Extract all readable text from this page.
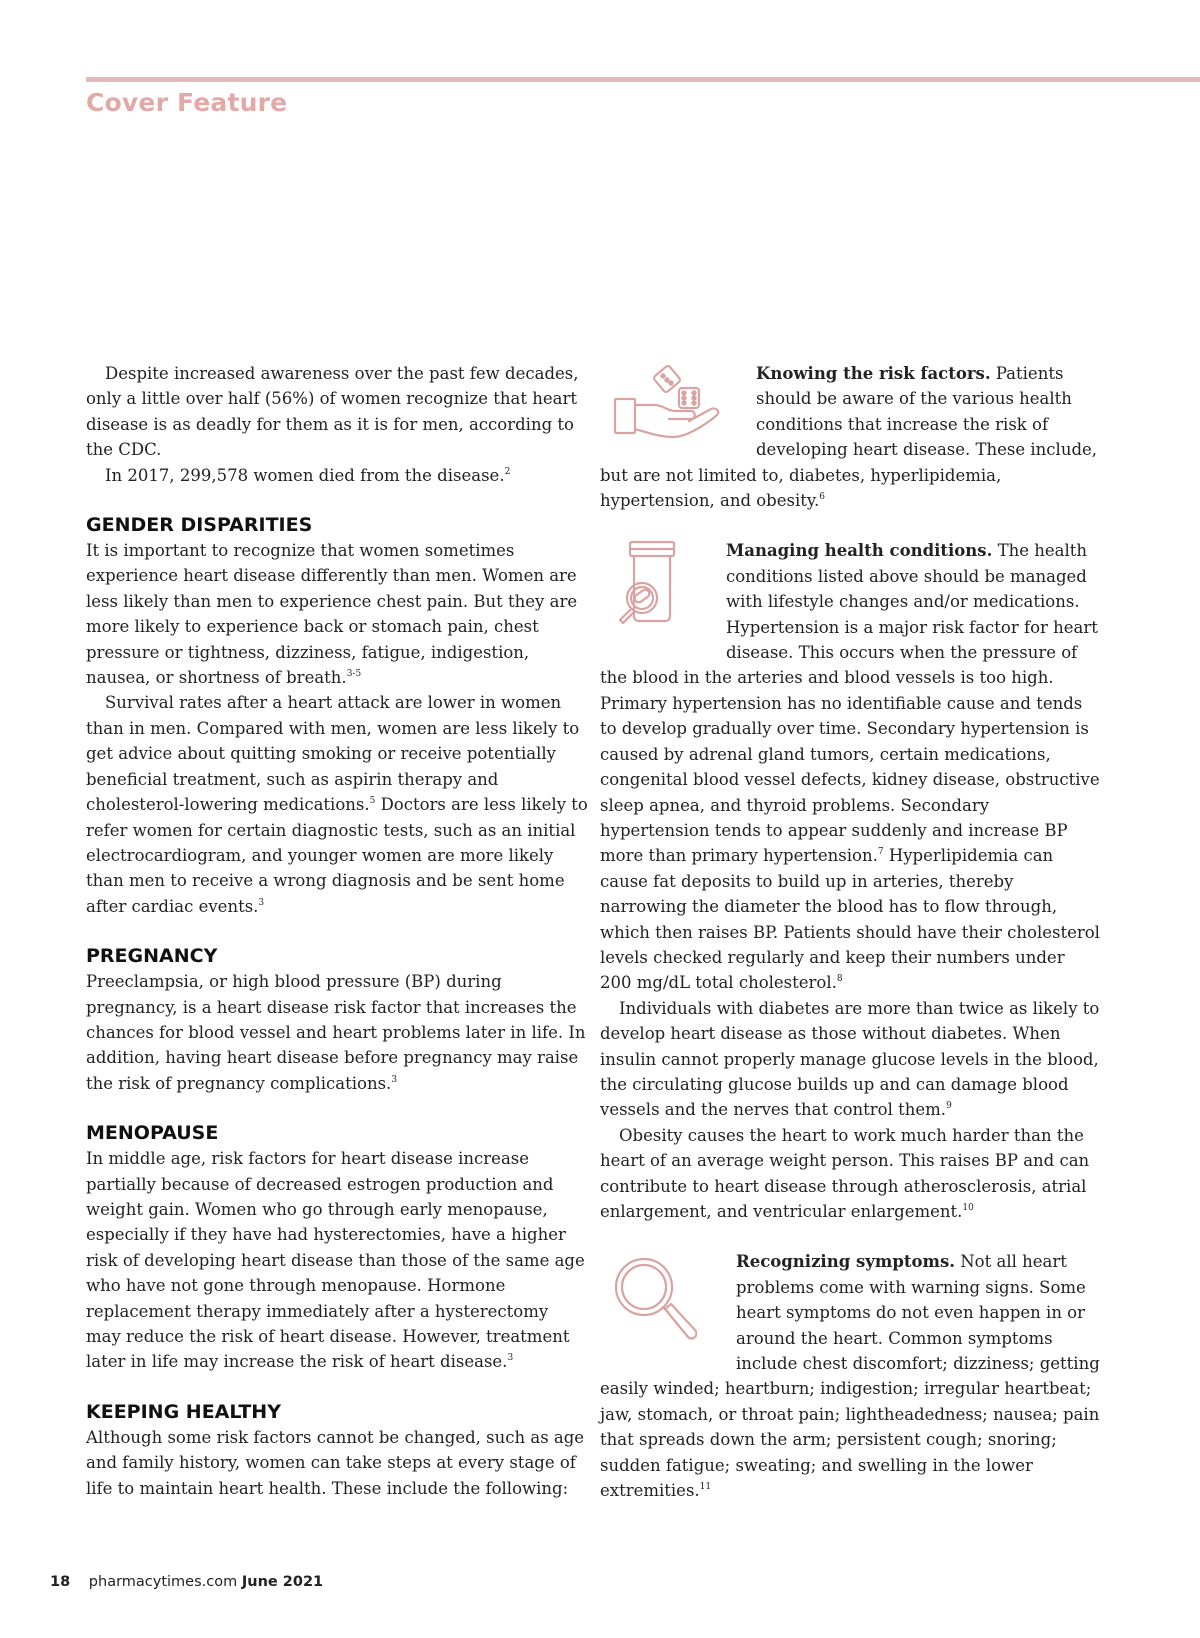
Cover Feature

Despite increased awareness over the past few decades, only a little over half (56%) of women recognize that heart disease is as deadly for them as it is for men, according to the CDC.

In 2017, 299,578 women died from the disease.$^2$

GENDER DISPARITIES

It is important to recognize that women sometimes experience heart disease differently than men. Women are less likely than men to experience chest pain. But they are more likely to experience back or stomach pain, chest pressure or tightness, dizziness, fatigue, indigestion, nausea, or shortness of breath.$^{3-5}$

Survival rates after a heart attack are lower in women than in men. Compared with men, women are less likely to get advice about quitting smoking or receive potentially beneficial treatment, such as aspirin therapy and cholesterol-lowering medications.$^5$ Doctors are less likely to refer women for certain diagnostic tests, such as an initial electrocardiogram, and younger women are more likely than men to receive a wrong diagnosis and be sent home after cardiac events.$^3$

PREGNANCY

Preeclampsia, or high blood pressure (BP) during pregnancy, is a heart disease risk factor that increases the chances for blood vessel and heart problems later in life. In addition, having heart disease before pregnancy may raise the risk of pregnancy complications.$^3$

MENOPAUSE

In middle age, risk factors for heart disease increase partially because of decreased estrogen production and weight gain. Women who go through early menopause, especially if they have had hysterectomies, have a higher risk of developing heart disease than those of the same age who have not gone through menopause. Hormone replacement therapy immediately after a hysterectomy may reduce the risk of heart disease. However, treatment later in life may increase the risk of heart disease.$^3$

KEEPING HEALTHY

Although some risk factors cannot be changed, such as age and family history, women can take steps at every stage of life to maintain heart health. These include the following:

Knowing the risk factors. Patients should be aware of the various health conditions that increase the risk of developing heart disease. These include, but are not limited to, diabetes, hyperlipidemia, hypertension, and obesity.$^6$

Managing health conditions. The health conditions listed above should be managed with lifestyle changes and/or medications. Hypertension is a major risk factor for heart disease. This occurs when the pressure of the blood in the arteries and blood vessels is too high. Primary hypertension has no identifiable cause and tends to develop gradually over time. Secondary hypertension is caused by adrenal gland tumors, certain medications, congenital blood vessel defects, kidney disease, obstructive sleep apnea, and thyroid problems. Secondary hypertension tends to appear suddenly and increase BP more than primary hypertension.$^7$ Hyperlipidemia can cause fat deposits to build up in arteries, thereby narrowing the diameter the blood has to flow through, which then raises BP. Patients should have their cholesterol levels checked regularly and keep their numbers under 200 mg/dL total cholesterol.$^8$

Individuals with diabetes are more than twice as likely to develop heart disease as those without diabetes. When insulin cannot properly manage glucose levels in the blood, the circulating glucose builds up and can damage blood vessels and the nerves that control them.$^9$

Obesity causes the heart to work much harder than the heart of an average weight person. This raises BP and can contribute to heart disease through atherosclerosis, atrial enlargement, and ventricular enlargement.$^{10}$

Recognizing symptoms. Not all heart problems come with warning signs. Some heart symptoms do not even happen in or around the heart. Common symptoms include chest discomfort; dizziness; getting easily winded; heartburn; indigestion; irregular heartbeat; jaw, stomach, or throat pain; lightheadedness; nausea; pain that spreads down the arm; persistent cough; snoring; sudden fatigue; sweating; and swelling in the lower extremities.$^{11}$

18 pharmacytimes.com June 2021
